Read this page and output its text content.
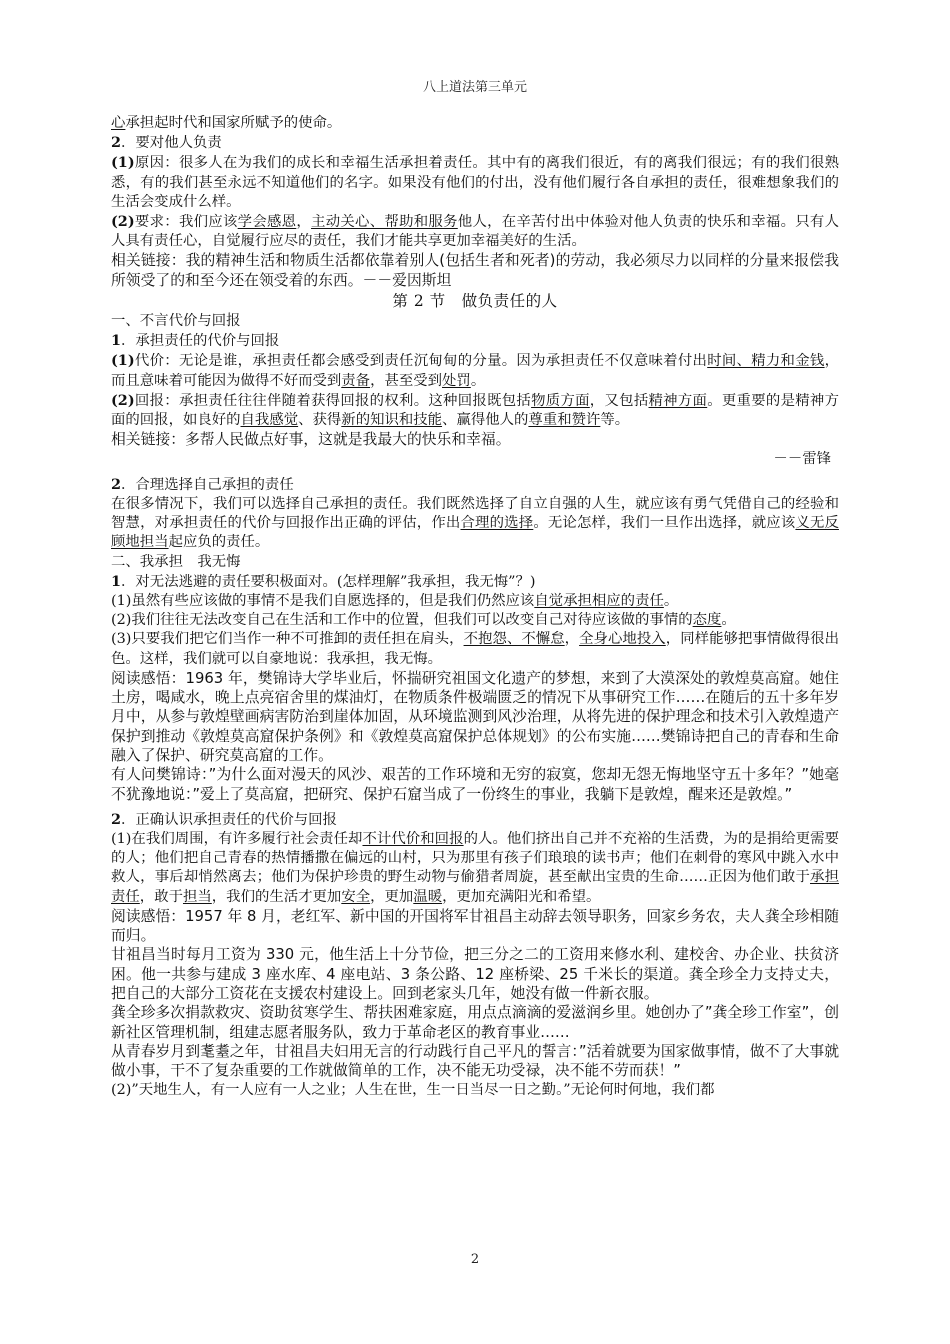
八上道法第三单元

心承担起时代和国家所赋予的使命。

2．要对他人负责

(1)原因：很多人在为我们的成长和幸福生活承担着责任。其中有的离我们很近，有的离我们很远；有的我们很熟悉，有的我们甚至永远不知道他们的名字。如果没有他们的付出，没有他们履行各自承担的责任，很难想象我们的生活会变成什么样。

(2)要求：我们应该学会感恩，主动关心、帮助和服务他人，在辛苦付出中体验对他人负责的快乐和幸福。只有人人具有责任心，自觉履行应尽的责任，我们才能共享更加幸福美好的生活。

相关链接：我的精神生活和物质生活都依靠着别人(包括生者和死者)的劳动，我必须尽力以同样的分量来报偿我所领受了的和至今还在领受着的东西。－－爱因斯坦

第 2 节　做负责任的人

一、不言代价与回报

1．承担责任的代价与回报

(1)代价：无论是谁，承担责任都会感受到责任沉甸甸的分量。因为承担责任不仅意味着付出时间、精力和金钱，而且意味着可能因为做得不好而受到责备，甚至受到处罚。

(2)回报：承担责任往往伴随着获得回报的权利。这种回报既包括物质方面，又包括精神方面。更重要的是精神方面的回报，如良好的自我感觉、获得新的知识和技能、赢得他人的尊重和赞许等。

相关链接：多帮人民做点好事，这就是我最大的快乐和幸福。

－－雷锋

2．合理选择自己承担的责任

在很多情况下，我们可以选择自己承担的责任。我们既然选择了自立自强的人生，就应该有勇气凭借自己的经验和智慧，对承担责任的代价与回报作出正确的评估，作出合理的选择。无论怎样，我们一旦作出选择，就应该义无反顾地担当起应负的责任。

二、我承担　我无悔

1．对无法逃避的责任要积极面对。(怎样理解”我承担，我无悔”？)

(1)虽然有些应该做的事情不是我们自愿选择的，但是我们仍然应该自觉承担相应的责任。

(2)我们往往无法改变自己在生活和工作中的位置，但我们可以改变自己对待应该做的事情的态度。

(3)只要我们把它们当作一种不可推卸的责任担在肩头，不抱怨、不懈怠，全身心地投入，同样能够把事情做得很出色。这样，我们就可以自豪地说：我承担，我无悔。

阅读感悟：1963 年，樊锦诗大学毕业后，怀揣研究祖国文化遗产的梦想，来到了大漠深处的敦煌莫高窟。她住土房，喝咸水，晚上点亮宿舍里的煤油灯，在物质条件极端匮乏的情况下从事研究工作……在随后的五十多年岁月中，从参与敦煌壁画病害防治到崖体加固，从环境监测到风沙治理，从将先进的保护理念和技术引入敦煌遗产保护到推动《敦煌莫高窟保护条例》和《敦煌莫高窟保护总体规划》的公布实施……樊锦诗把自己的青春和生命融入了保护、研究莫高窟的工作。

有人问樊锦诗：”为什么面对漫天的风沙、艰苦的工作环境和无穷的寂寞，您却无怨无悔地坚守五十多年？”她毫不犹豫地说：”爱上了莫高窟，把研究、保护石窟当成了一份终生的事业，我躺下是敦煌，醒来还是敦煌。”

2．正确认识承担责任的代价与回报

(1)在我们周围，有许多履行社会责任却不计代价和回报的人。他们挤出自己并不充裕的生活费，为的是捐给更需要的人；他们把自己青春的热情播撒在偏远的山村，只为那里有孩子们琅琅的读书声；他们在刺骨的寒风中跳入水中救人，事后却悄然离去；他们为保护珍贵的野生动物与偷猎者周旋，甚至献出宝贵的生命……正因为他们敢于承担责任，敢于担当，我们的生活才更加安全，更加温暖，更加充满阳光和希望。

阅读感悟：1957 年 8 月，老红军、新中国的开国将军甘祖昌主动辞去领导职务，回家乡务农，夫人龚全珍相随而归。

甘祖昌当时每月工资为 330 元，他生活上十分节俭，把三分之二的工资用来修水利、建校舍、办企业、扶贫济困。他一共参与建成 3 座水库、4 座电站、3 条公路、12 座桥梁、25 千米长的渠道。龚全珍全力支持丈夫，把自己的大部分工资花在支援农村建设上。回到老家头几年，她没有做一件新衣服。

龚全珍多次捐款救灾、资助贫寒学生、帮扶困难家庭，用点点滴滴的爱滋润乡里。她创办了”龚全珍工作室”，创新社区管理机制，组建志愿者服务队，致力于革命老区的教育事业……

从青春岁月到耄耋之年，甘祖昌夫妇用无言的行动践行自己平凡的誓言：”活着就要为国家做事情，做不了大事就做小事，干不了复杂重要的工作就做简单的工作，决不能无功受禄，决不能不劳而获！”

(2)”天地生人，有一人应有一人之业；人生在世，生一日当尽一日之勤。”无论何时何地，我们都

2
